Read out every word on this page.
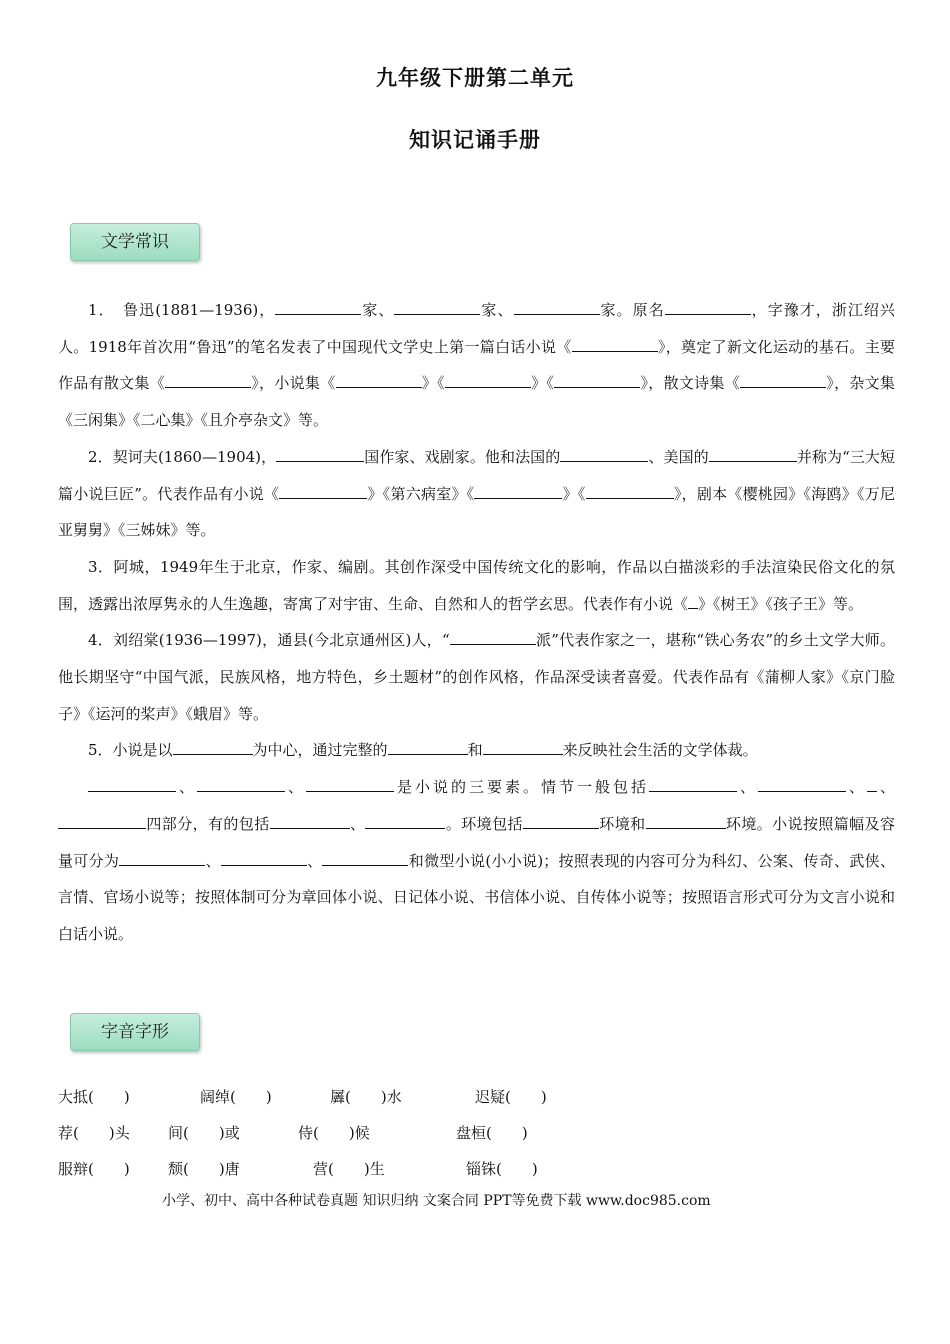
九年级下册第二单元
知识记诵手册
文学常识

1．　鲁迅(1881—1936)，	家、	家、	家。原名	，字豫才，浙江绍兴人。1918年首次用“鲁迅”的笔名发表了中国现代文学史上第一篇白话小说《	》，奠定了新文化运动的基石。主要作品有散文集《	》，小说集《	》《	》《	》，散文诗集《	》，杂文集《三闲集》《二心集》《且介亭杂文》等。

2．契诃夫(1860—1904)，	国作家、戏剧家。他和法国的	、美国的	并称为“三大短篇小说巨匠”。代表作品有小说《	》《第六病室》《	》《	》，剧本《樱桃园》《海鸥》《万尼亚舅舅》《三姊妹》等。

3．阿城，1949年生于北京，作家、编剧。其创作深受中国传统文化的影响，作品以白描淡彩的手法渲染民俗文化的氛围，透露出浓厚隽永的人生逸趣，寄寓了对宇宙、生命、自然和人的哲学玄思。代表作有小说《 》《树王》《孩子王》等。

4．刘绍棠(1936—1997)，通县(今北京通州区)人，“	派”代表作家之一，堪称“铁心务农”的乡土文学大师。他长期坚守“中国气派，民族风格，地方特色，乡土题材”的创作风格，作品深受读者喜爱。代表作品有《蒲柳人家》《京门脸子》《运河的桨声》《蛾眉》等。

5．小说是以	为中心，通过完整的	和	来反映社会生活的文学体裁。

、	、	是小说的三要素。情节一般包括	、	、 、四部分，有的包括	、	。环境包括	环境和	环境。小说按照篇幅及容量可分为	、	、	和微型小说(小小说)；按照表现的内容可分为科幻、公案、传奇、武侠、言情、官场小说等；按照体制可分为章回体小说、日记体小说、书信体小说、自传体小说等；按照语言形式可分为文言小说和白话小说。

字音字形
大抵(　　)	阔绰(　　)	羼(　　)水	迟疑(　　)
荐(　　)头	间(　　)或	侍(　　)候	盘桓(　　)
服辩(　　)	颓(　　)唐	营(　　)生	锱铢(　　)
小学、初中、高中各种试卷真题 知识归纳 文案合同 PPT等免费下载 www.doc985.com
